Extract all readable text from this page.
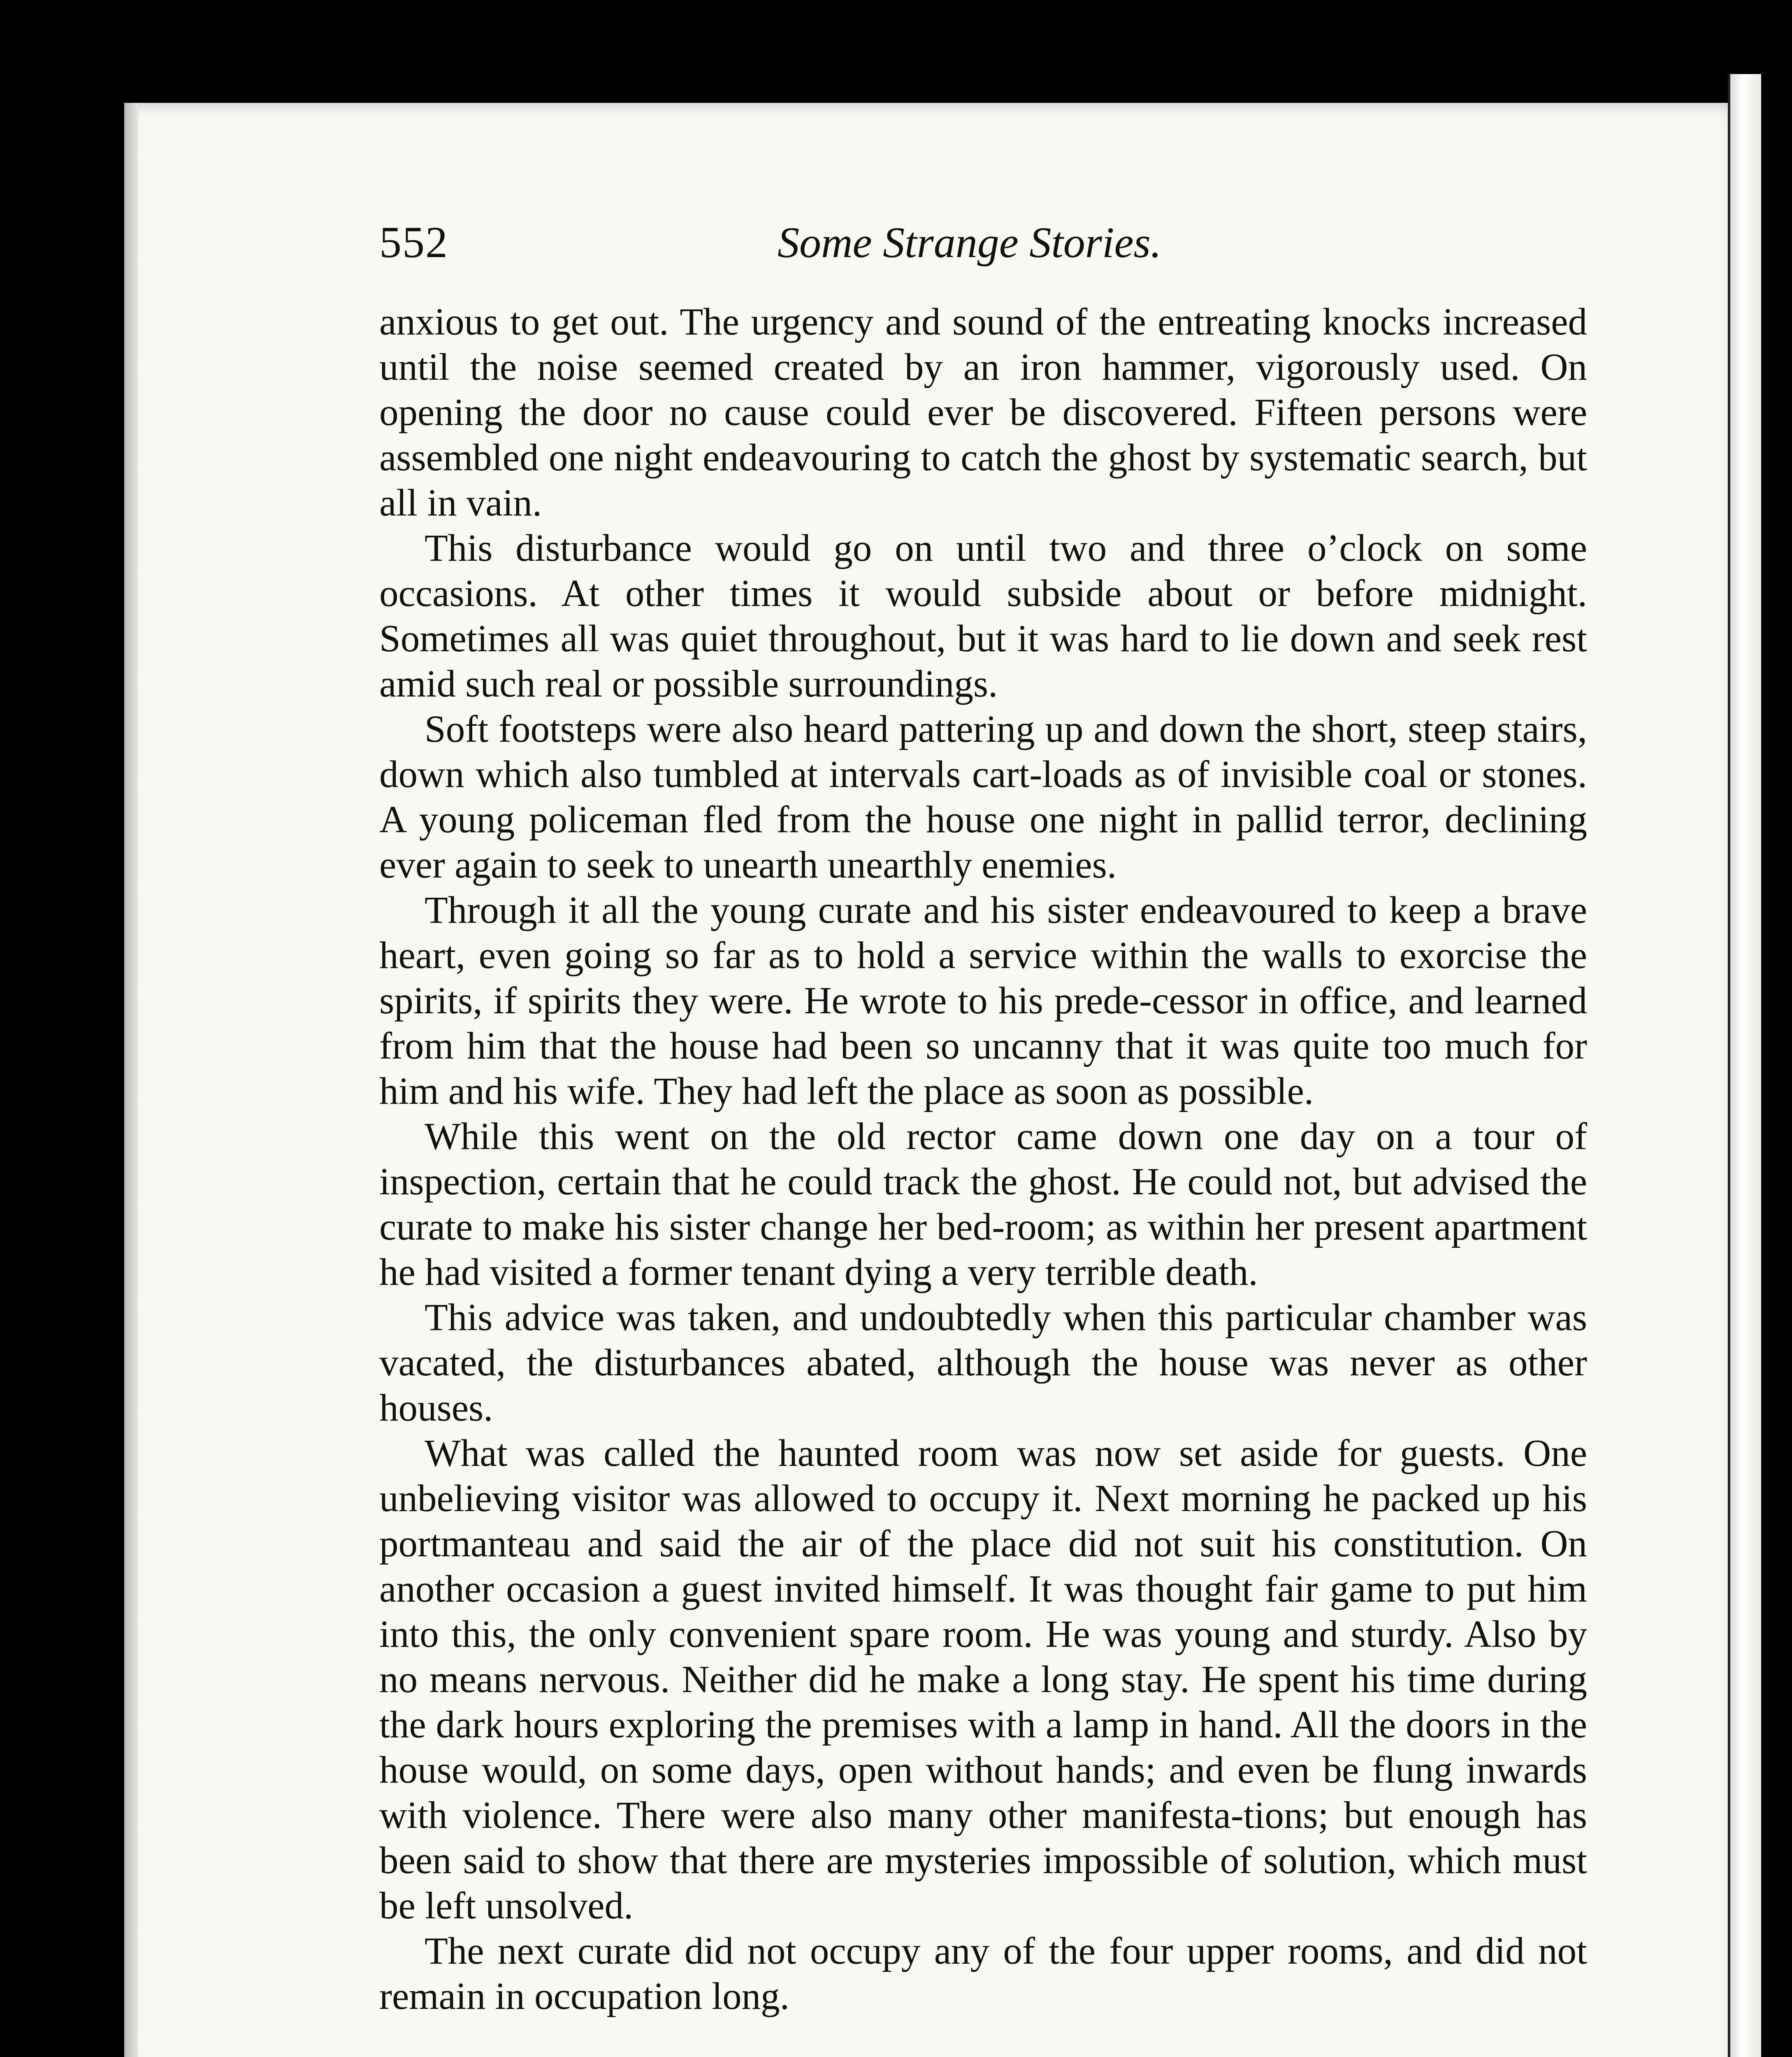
552	Some Strange Stories.

anxious to get out. The urgency and sound of the entreating knocks increased until the noise seemed created by an iron hammer, vigorously used. On opening the door no cause could ever be discovered. Fifteen persons were assembled one night endeavouring to catch the ghost by systematic search, but all in vain.

This disturbance would go on until two and three o’clock on some occasions. At other times it would subside about or before midnight. Sometimes all was quiet throughout, but it was hard to lie down and seek rest amid such real or possible surroundings.

Soft footsteps were also heard pattering up and down the short, steep stairs, down which also tumbled at intervals cart-loads as of invisible coal or stones. A young policeman fled from the house one night in pallid terror, declining ever again to seek to unearth unearthly enemies.

Through it all the young curate and his sister endeavoured to keep a brave heart, even going so far as to hold a service within the walls to exorcise the spirits, if spirits they were. He wrote to his prede-cessor in office, and learned from him that the house had been so uncanny that it was quite too much for him and his wife. They had left the place as soon as possible.

While this went on the old rector came down one day on a tour of inspection, certain that he could track the ghost. He could not, but advised the curate to make his sister change her bed-room; as within her present apartment he had visited a former tenant dying a very terrible death.

This advice was taken, and undoubtedly when this particular chamber was vacated, the disturbances abated, although the house was never as other houses.

What was called the haunted room was now set aside for guests. One unbelieving visitor was allowed to occupy it. Next morning he packed up his portmanteau and said the air of the place did not suit his constitution. On another occasion a guest invited himself. It was thought fair game to put him into this, the only convenient spare room. He was young and sturdy. Also by no means nervous. Neither did he make a long stay. He spent his time during the dark hours exploring the premises with a lamp in hand. All the doors in the house would, on some days, open without hands; and even be flung inwards with violence. There were also many other manifesta-tions; but enough has been said to show that there are mysteries impossible of solution, which must be left unsolved.

The next curate did not occupy any of the four upper rooms, and did not remain in occupation long.
